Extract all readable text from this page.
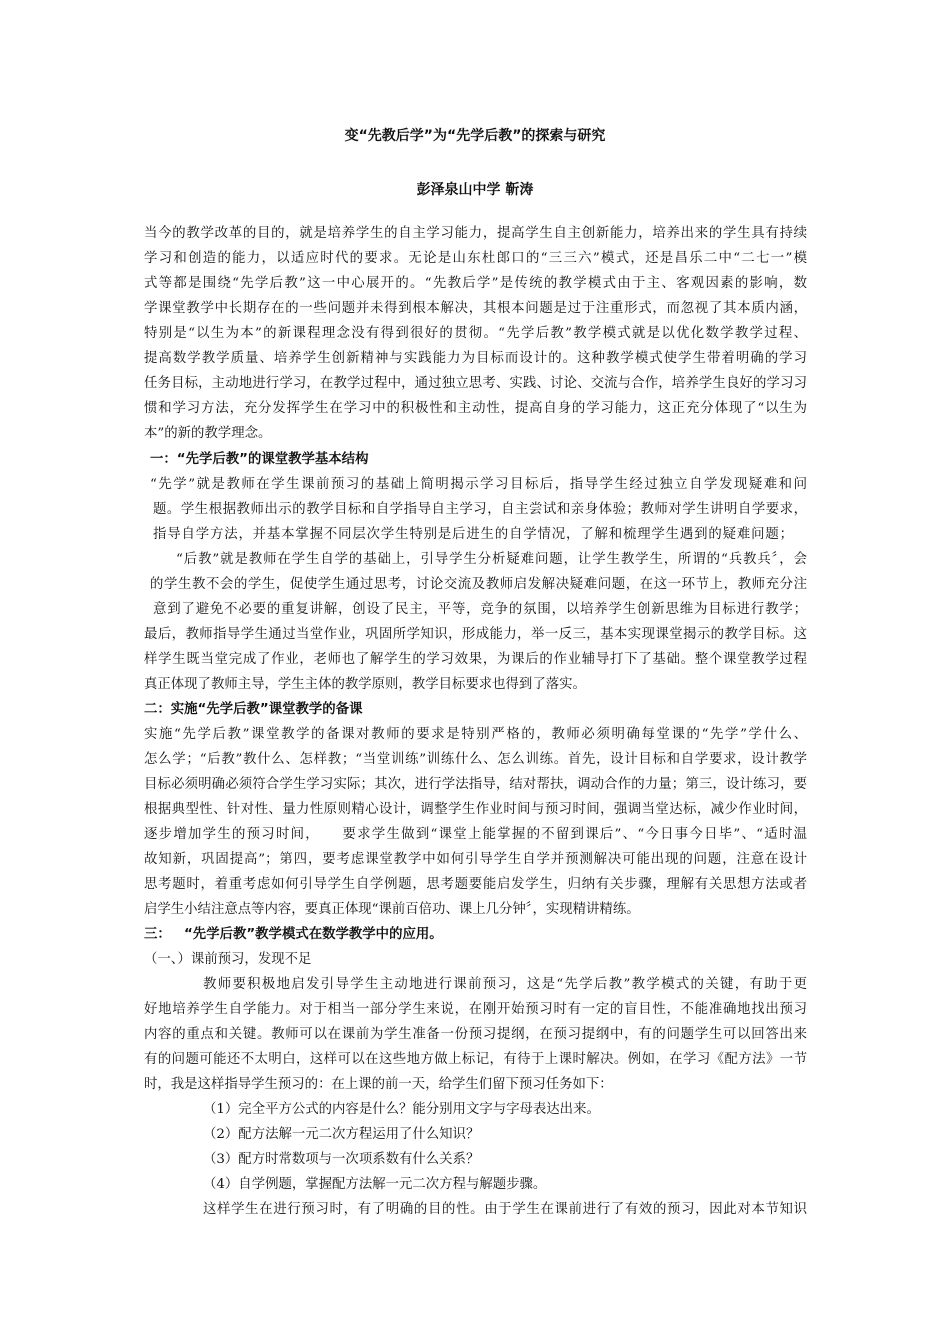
变“先教后学”为“先学后教”的探索与研究
彭泽泉山中学 靳涛
当今的教学改革的目的，就是培养学生的自主学习能力，提高学生自主创新能力，培养出来的学生具有持续
学习和创造的能力，以适应时代的要求。无论是山东杜郎口的“三三六”模式，还是昌乐二中“二七一”模
式等都是围绕“先学后教”这一中心展开的。“先教后学”是传统的教学模式由于主、客观因素的影响，数
学课堂教学中长期存在的一些问题并未得到根本解决，其根本问题是过于注重形式，而忽视了其本质内涵，
特别是“以生为本”的新课程理念没有得到很好的贯彻。“先学后教”教学模式就是以优化数学教学过程、
提高数学教学质量、培养学生创新精神与实践能力为目标而设计的。这种教学模式使学生带着明确的学习
任务目标，主动地进行学习，在教学过程中，通过独立思考、实践、讨论、交流与合作，培养学生良好的学习习
惯和学习方法，充分发挥学生在学习中的积极性和主动性，提高自身的学习能力，这正充分体现了“以生为
本”的新的教学理念。
一：“先学后教”的课堂教学基本结构
“先学”就是教师在学生课前预习的基础上简明揭示学习目标后，指导学生经过独立自学发现疑难和问
题。学生根据教师出示的教学目标和自学指导自主学习，自主尝试和亲身体验；教师对学生讲明自学要求，
指导自学方法，并基本掌握不同层次学生特别是后进生的自学情况，了解和梳理学生遇到的疑难问题；
“后教”就是教师在学生自学的基础上，引导学生分析疑难问题，让学生教学生，所谓的“兵教兵〞，会
的学生教不会的学生，促使学生通过思考，讨论交流及教师启发解决疑难问题，在这一环节上，教师充分注
意到了避免不必要的重复讲解，创设了民主，平等，竞争的氛围，以培养学生创新思维为目标进行教学；
最后，教师指导学生通过当堂作业，巩固所学知识，形成能力，举一反三，基本实现课堂揭示的教学目标。这
样学生既当堂完成了作业，老师也了解学生的学习效果，为课后的作业辅导打下了基础。整个课堂教学过程
真正体现了教师主导，学生主体的教学原则，教学目标要求也得到了落实。
二：实施“先学后教”课堂教学的备课
实施“先学后教”课堂教学的备课对教师的要求是特别严格的，教师必须明确每堂课的“先学”学什么、
怎么学；“后教”教什么、怎样教；“当堂训练”训练什么、怎么训练。首先，设计目标和自学要求，设计教学
目标必须明确必须符合学生学习实际；其次，进行学法指导，结对帮扶，调动合作的力量；第三，设计练习，要
根据典型性、针对性、量力性原则精心设计，调整学生作业时间与预习时间，强调当堂达标，减少作业时间，
逐步增加学生的预习时间，　　要求学生做到“课堂上能掌握的不留到课后”、“今日事今日毕”、“适时温
故知新，巩固提高”；第四，要考虑课堂教学中如何引导学生自学并预测解决可能出现的问题，注意在设计
思考题时，着重考虑如何引导学生自学例题，思考题要能启发学生，归纳有关步骤，理解有关思想方法或者
启学生小结注意点等内容，要真正体现“课前百倍功、课上几分钟〞，实现精讲精练。
三： “先学后教”教学模式在数学教学中的应用。
（一、）课前预习，发现不足
教师要积极地启发引导学生主动地进行课前预习，这是“先学后教”教学模式的关键，有助于更
好地培养学生自学能力。对于相当一部分学生来说，在刚开始预习时有一定的盲目性，不能准确地找出预习
内容的重点和关键。教师可以在课前为学生准备一份预习提纲，在预习提纲中，有的问题学生可以回答出来
有的问题可能还不太明白，这样可以在这些地方做上标记，有待于上课时解决。例如，在学习《配方法》一节
时，我是这样指导学生预习的：在上课的前一天，给学生们留下预习任务如下：
（1）完全平方公式的内容是什么？能分别用文字与字母表达出来。
（2）配方法解一元二次方程运用了什么知识？
（3）配方时常数项与一次项系数有什么关系？
（4）自学例题，掌握配方法解一元二次方程与解题步骤。
这样学生在进行预习时，有了明确的目的性。由于学生在课前进行了有效的预习，因此对本节知识
